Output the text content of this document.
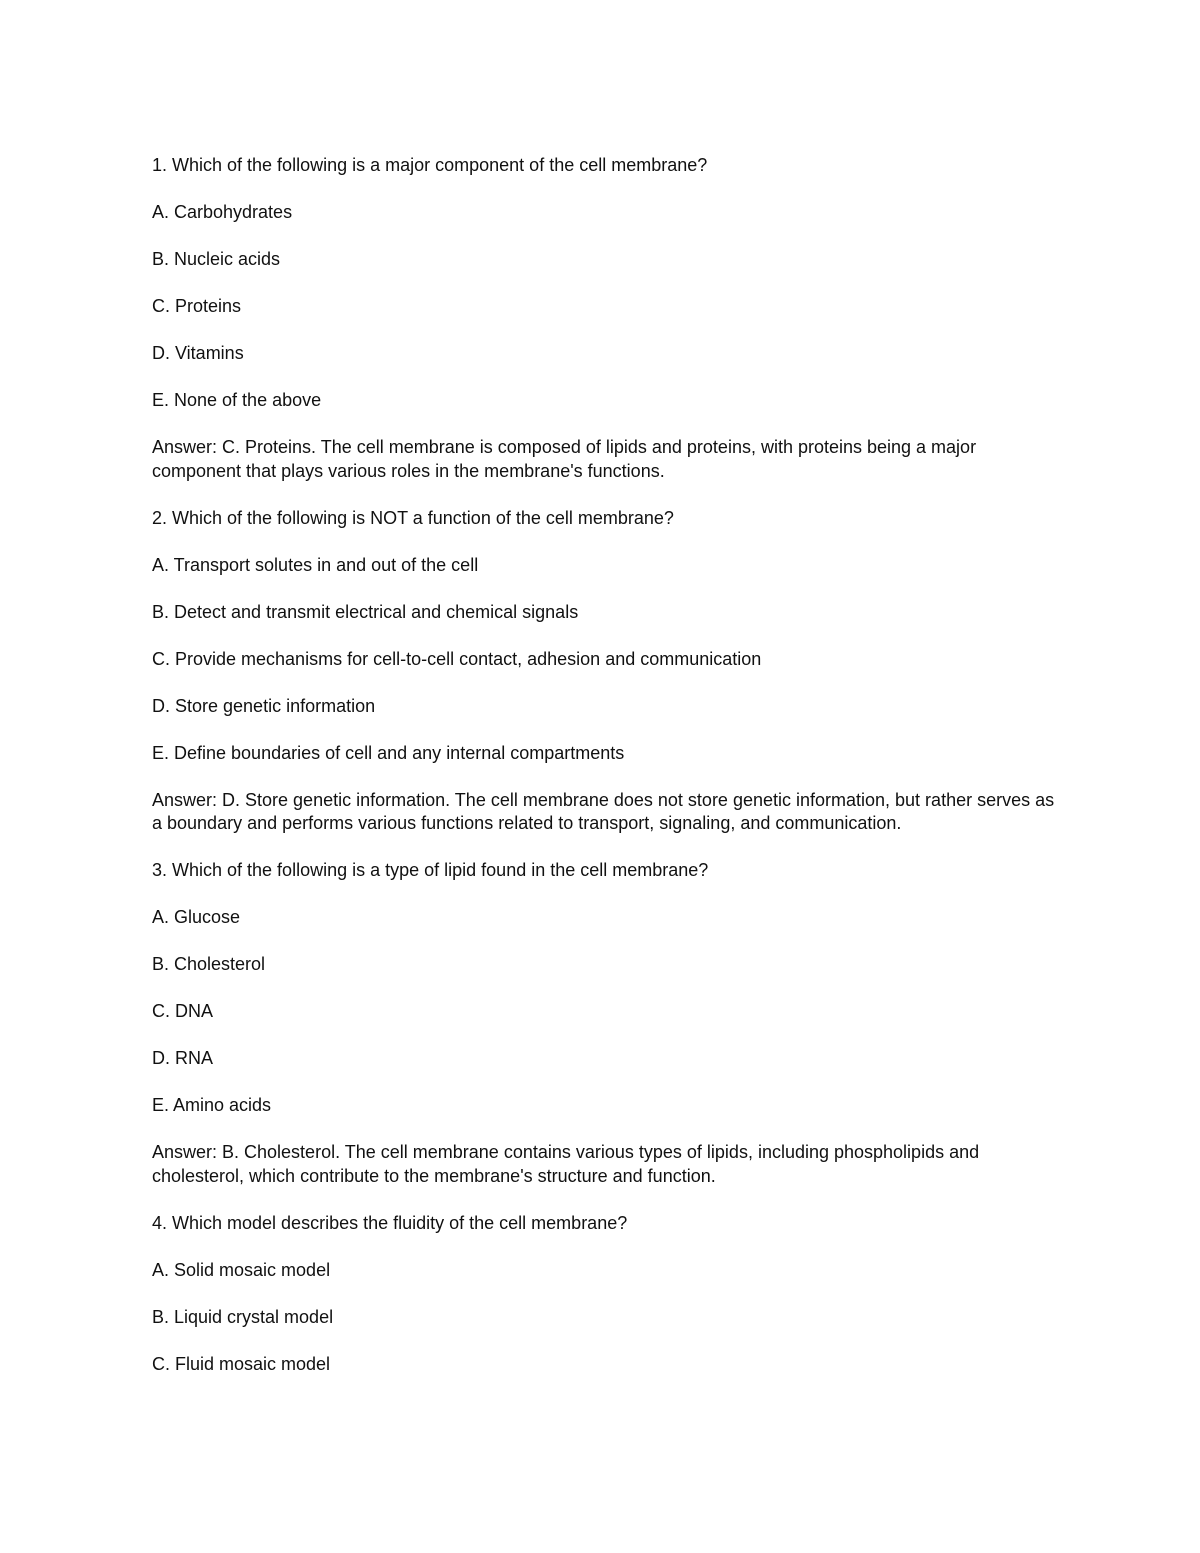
1. Which of the following is a major component of the cell membrane?

A. Carbohydrates

B. Nucleic acids

C. Proteins

D. Vitamins

E. None of the above

Answer: C. Proteins. The cell membrane is composed of lipids and proteins, with proteins being a major component that plays various roles in the membrane's functions.

2. Which of the following is NOT a function of the cell membrane?

A. Transport solutes in and out of the cell

B. Detect and transmit electrical and chemical signals

C. Provide mechanisms for cell-to-cell contact, adhesion and communication

D. Store genetic information

E. Define boundaries of cell and any internal compartments

Answer: D. Store genetic information. The cell membrane does not store genetic information, but rather serves as a boundary and performs various functions related to transport, signaling, and communication.

3. Which of the following is a type of lipid found in the cell membrane?

A. Glucose

B. Cholesterol

C. DNA

D. RNA

E. Amino acids

Answer: B. Cholesterol. The cell membrane contains various types of lipids, including phospholipids and cholesterol, which contribute to the membrane's structure and function.

4. Which model describes the fluidity of the cell membrane?

A. Solid mosaic model

B. Liquid crystal model

C. Fluid mosaic model
